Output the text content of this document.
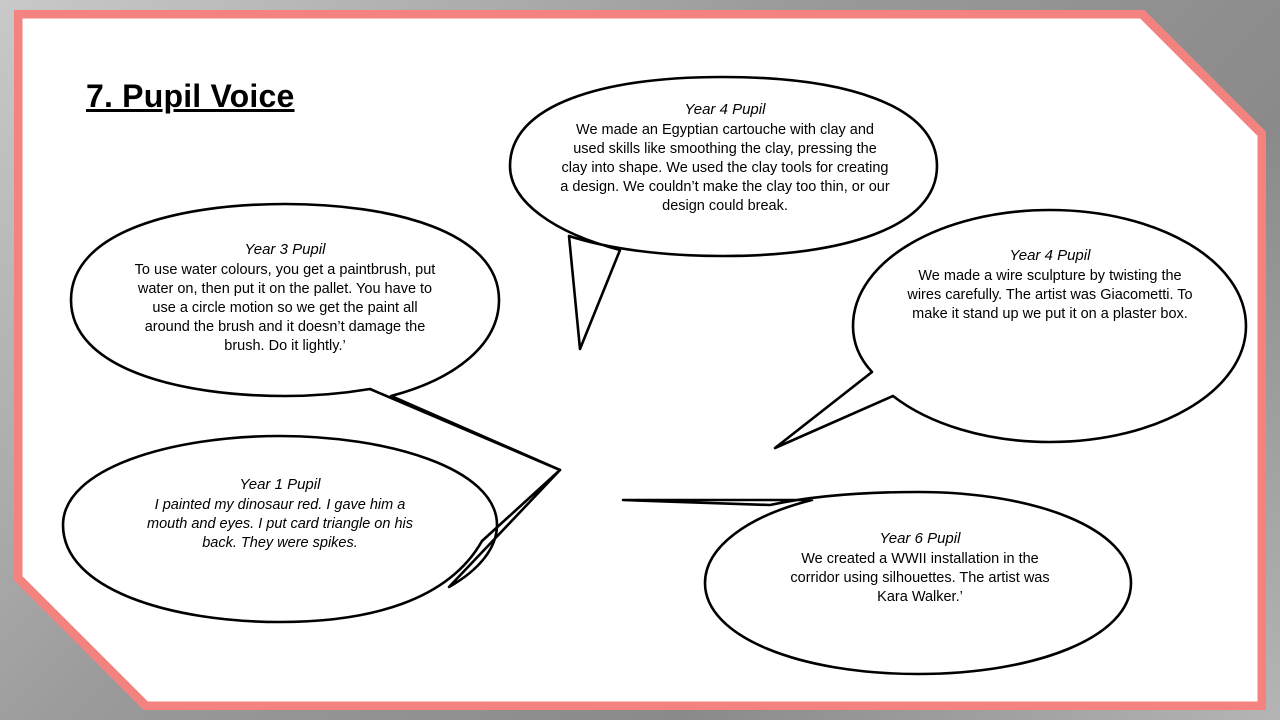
7. Pupil Voice	Year 4 Pupil
We made an Egyptian cartouche with clay and used skills like smoothing the clay, pressing the clay into shape. We used the clay tools for creating a design. We couldn’t make the clay too thin, or our design could break.
Year 3 Pupil
To use water colours, you get a paintbrush, put water on, then put it on the pallet. You have to use a circle motion so we get the paint all around the brush and it doesn’t damage the brush. Do it lightly.’
Year 4 Pupil
We made a wire sculpture by twisting the wires carefully. The artist was Giacometti. To make it stand up we put it on a plaster box.
Year 1 Pupil
I painted my dinosaur red. I gave him a mouth and eyes. I put card triangle on his back. They were spikes.	Year 6 Pupil
We created a WWII installation in the corridor using silhouettes. The artist was Kara Walker.’
